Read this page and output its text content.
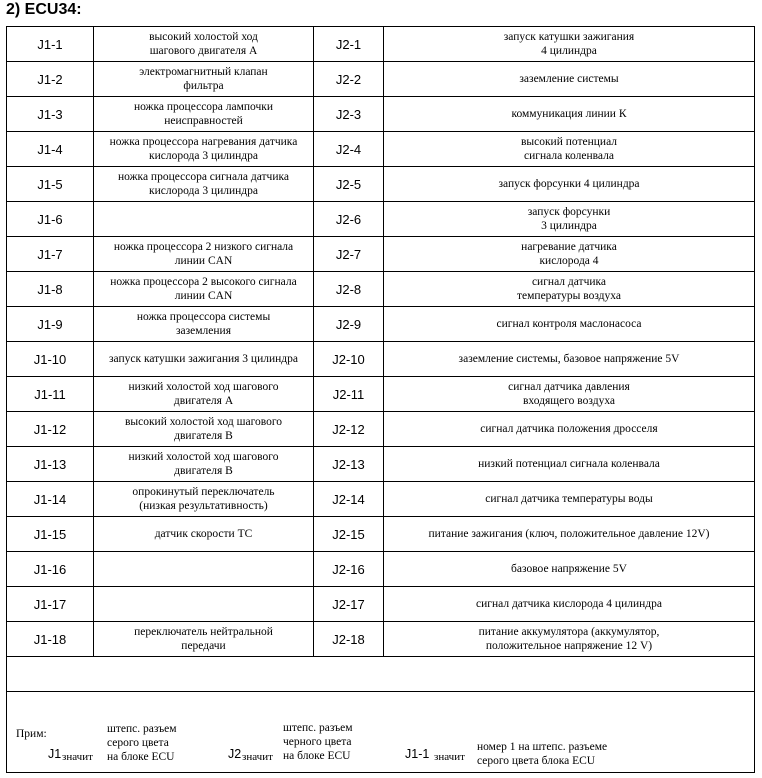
2) ECU34:
J1-1	высокий холостой ход
шагового двигателя А	J2-1	запуск катушки зажигания
4 цилиндра

J1-2	электромагнитный клапан
фильтра	J2-2	заземление системы

J1-3	ножка процессора лампочки
неисправностей	J2-3	коммуникация линии К

J1-4	ножка процессора нагревания датчика
кислорода 3 цилиндра	J2-4	высокий потенциал
сигнала коленвала

J1-5	ножка процессора сигнала датчика
кислорода 3 цилиндра	J2-5	запуск форсунки 4 цилиндра

J1-6		J2-6	запуск форсунки
3 цилиндра

J1-7	ножка процессора 2 низкого сигнала
линии CAN	J2-7	нагревание датчика
кислорода 4

J1-8	ножка процессора 2 высокого сигнала
линии CAN	J2-8	сигнал датчика
температуры воздуха

J1-9	ножка процессора системы
заземления	J2-9	сигнал контроля маслонасоса

J1-10	запуск катушки зажигания 3 цилиндра	J2-10	заземление системы, базовое напряжение 5V

J1-11	низкий холостой ход шагового
двигателя А	J2-11	сигнал датчика давления
входящего воздуха

J1-12	высокий холостой ход шагового
двигателя В	J2-12	сигнал датчика положения дросселя

J1-13	низкий холостой ход шагового
двигателя В	J2-13	низкий потенциал сигнала коленвала

J1-14	опрокинутый переключатель
(низкая результативность)	J2-14	сигнал датчика температуры воды

J1-15	датчик скорости ТС	J2-15	питание зажигания (ключ, положительное давление 12V)

J1-16		J2-16	базовое напряжение 5V

J1-17		J2-17	сигнал датчика кислорода 4 цилиндра

J1-18	переключатель нейтральной
передачи	J2-18	питание аккумулятора (аккумулятор,
положительное напряжение 12 V)

Прим:
J1 значит
штепс. разъем
серого цвета
на блоке ECU	J2 значит
штепс. разъем
черного цвета
на блоке ECU	J1-1 значит
номер 1 на штепс. разъеме
серого цвета блока ECU
